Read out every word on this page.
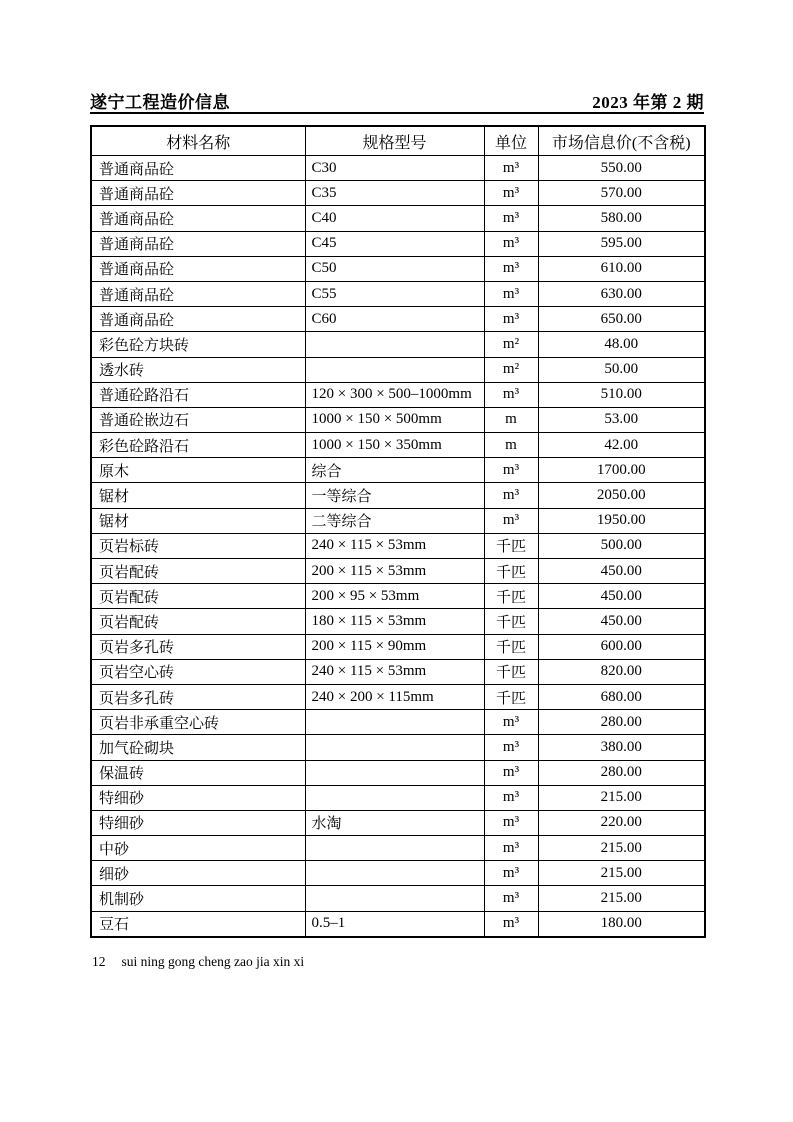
遂宁工程造价信息	2023 年第 2 期
材料名称	规格型号	单位	市场信息价(不含税)
普通商品砼	C30	m³	550.00
普通商品砼	C35	m³	570.00
普通商品砼	C40	m³	580.00
普通商品砼	C45	m³	595.00
普通商品砼	C50	m³	610.00
普通商品砼	C55	m³	630.00
普通商品砼	C60	m³	650.00
彩色砼方块砖		m²	48.00
透水砖		m²	50.00
普通砼路沿石	120 × 300 × 500–1000mm	m³	510.00
普通砼嵌边石	1000 × 150 × 500mm	m	53.00
彩色砼路沿石	1000 × 150 × 350mm	m	42.00
原木	综合	m³	1700.00
锯材	一等综合	m³	2050.00
锯材	二等综合	m³	1950.00
页岩标砖	240 × 115 × 53mm	千匹	500.00
页岩配砖	200 × 115 × 53mm	千匹	450.00
页岩配砖	200 × 95 × 53mm	千匹	450.00
页岩配砖	180 × 115 × 53mm	千匹	450.00
页岩多孔砖	200 × 115 × 90mm	千匹	600.00
页岩空心砖	240 × 115 × 53mm	千匹	820.00
页岩多孔砖	240 × 200 × 115mm	千匹	680.00
页岩非承重空心砖		m³	280.00
加气砼砌块		m³	380.00
保温砖		m³	280.00
特细砂		m³	215.00
特细砂	水淘	m³	220.00
中砂		m³	215.00
细砂		m³	215.00
机制砂		m³	215.00
豆石	0.5–1	m³	180.00
12 sui ning gong cheng zao jia xin xi
